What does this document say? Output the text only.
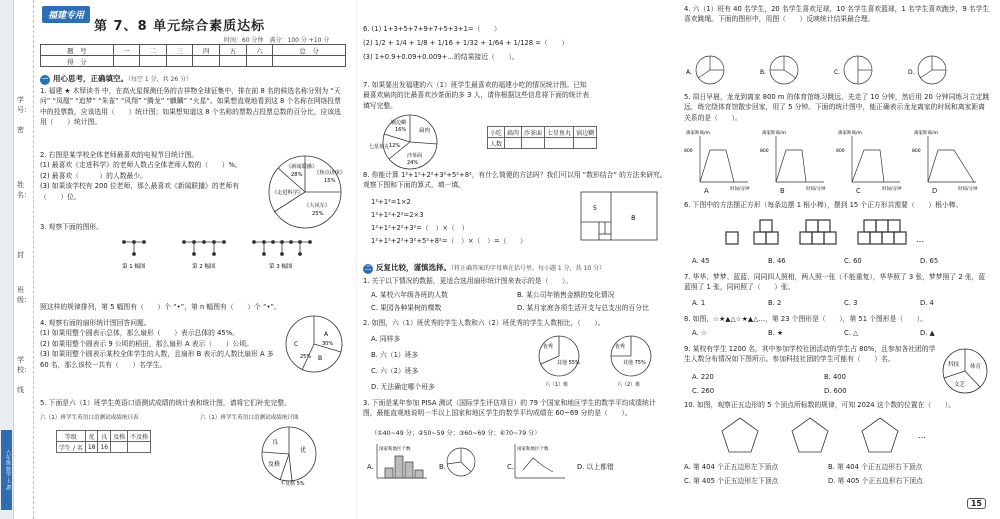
六年级 数学 上 RJ
学号：
密
姓名：
封
班级：
学校：
线
福建专用
第 7、8 单元综合素质达标
时间：60 分钟　满分：100 分 +10 分
题　号	一	二	三	四	五	六	总　分
得　分							
一 用心思考，正确填空。（每空 1 分，共 26 分）
1. 福建 ★ 木铎读书 中，在高火星探测任务的吉祥物全球征集中，排在前 8 名的候选名称分别为 “天问” “凤凰” “追梦” “朱雀” “风翔” “腾龙” “麒麟” “火星”。如果想直观地看到这 8 个名称在网络投票中的投票数，应该选用（　　）统计图；如果想知道这 8 个名称的票数占投票总数的百分比，应该选用（　　）统计图。
2. 右图是某学校全体老师最喜欢的电视节目统计图。
(1) 最喜欢《走进科学》的老师人数占全体老师人数的（　　）%。
(2) 最喜欢（　　　）的人数最少。
(3) 如果该学校有 200 位老师，那么最喜欢《新闻联播》的老师有（　　）位。
《新闻联播》
28% 《焦点访谈》
15%
《走进科学》
《大风车》
25%
3. 观察下面的图形。
第 1 幅图	第 2 幅图	第 3 幅图
照这样的规律排列，第 5 幅图有（　　）个 “•”，第 n 幅图有（　　）个 “•”。
4. 观察右面的扇形统计图回答问题。
(1) 如果用整个圆表示总体，那么扇形（　　）表示总体的 45%。
(2) 如果用整个圆表示 9 公顷的稻田，那么扇形 A 表示（　　）公顷。
(3) 如果用整个圆表示某校全体学生的人数，且扇形 B 表示的人数比扇形 A 多 60 名，那么该校一共有（　　）名学生。
A
B
C	30%
25%
5. 下面是六（1）班学生英语口语测试成绩的统计表和统计图，请将它们补充完整。
六（1）班学生英语口语测试成绩统计表	六（1）班学生英语口语测试成绩统计图
等级	优	良	及格	不及格
学生 / 名	18	16			优
良
及格
不及格 5%
6. (1) 1+3+5+7+9+7+5+3+1=（　　）
(2) 1/2 + 1/4 + 1/8 + 1/16 + 1/32 + 1/64 + 1/128 =（　　）
(3) 1+0.9+0.09+0.009+…的结果接近（　　）。
7. 如果要出发福建的六（1）班学生最喜欢的福建小吃的情况统计图。已知最喜欢扁肉的比最喜欢沙茶面的多 3 人，请你根据这些信息将下面的统计表填写完整。
锅边糊
16% 扁肉
七星鱼丸 12%
沙茶面
24%
小吃	扁肉	沙茶面	七星鱼丸	锅边糊
人数				
8. 你能计算 1²+1²+2²+3²+5²+8²，有什么简便的方法吗？我们可以用 “数形结合” 的方法来研究。观察下图和下面的算式，填一填。
1²+1²=1×2
1²+1²+2²=2×3
1²+1²+2²+3²=（　）×（　）
1²+1²+2²+3²+5²+8²=（　）×（　）=（　　）
5
8
二 反复比较，谨慎选择。（将正确答案的字母填在括号里，每小题 1 分，共 10 分）
1. 关于以下情况的数据，更适合选用扇形统计图来表示的是（　　）。
A. 某校六年级各班的人数	B. 某公司年销售金额的变化情况
C. 果园各种果树的棵数	D. 某月家庭各项生活开支与总支出的百分比
2. 如图，六（1）班优秀的学生人数和六（2）班优秀的学生人数相比，（　　）。
A. 同样多
B. 六（1）班多
C. 六（2）班多
D. 无法确定哪个班多
优秀
其他 55%
六（1）班
优秀
其他 75%
六（2）班
3. 下面是某年参加 PISA 测试（国际学生评估项目）的 79 个国家和地区学生的数学平均成绩统计图，最能直观地说明一半以上国家和地区学生的数学平均成绩在 60~69 分的是（　　）。
（①40~49 分；②50~59 分；③60~69 分；④70~79 分）
A.	B.	C.	D. 以上都错
国家和地区个数	国家和地区个数
4. 六（1）班有 40 名学生，20 名学生喜欢足球，10 名学生喜欢篮球，1 名学生喜欢跑步，9 名学生喜欢跳绳。下面的图形中，用图（　　）反映统计结果最合理。
A.	B.	C.	D.
5. 周日早晨，龙龙到离家 800 m 的体育馆练习跳远，先走了 10 分钟，然后用 20 分钟同练习立定跳远，练完绕体育馆散步回家，用了 5 分钟。下面的统计图中，能正确表示龙龙离家的时间和离家距离关系的是（　　）。
离家距离/m	离家距离/m	离家距离/m	离家距离/m
800	800	800	800
时间/分钟	时间/分钟	时间/分钟	时间/分钟
A	B	C	D
6. 下图中的方法摆正方形（每条边摆 1 根小棒），摆到 15 个正方形共需要（　　）根小棒。
…
A. 45	B. 46	C. 60	D. 65
7. 华华、梦梦、蓝蓝、同同四人照相，两人照一张（不能重复），华华照了 3 张，梦梦照了 2 张，蓝蓝照了 1 张，同同照了（　　）张。
A. 1	B. 2	C. 3	D. 4
8. 如图，☆★▲△☆★▲△…，第 23 个图形是（　　），第 51 个图形是（　　）。
A. ☆	B. ★	C. △	D. ▲
9. 某校有学生 1200 名，其中参加学校社团活动的学生占 80%，且参加各社团的学生人数分布情况如下图所示。参加科技社团的学生可能有（　　）名。
科技 体育
文艺
A. 220	B. 400
C. 260	D. 600
10. 如图，观察正五边形的 5 个顶点所标数的规律，可知 2024 这个数的位置在（　　）。
…
A. 第 404 个正五边形左下顶点	B. 第 404 个正五边形右下顶点
C. 第 405 个正五边形左下顶点	D. 第 405 个正五边形右下顶点
15
